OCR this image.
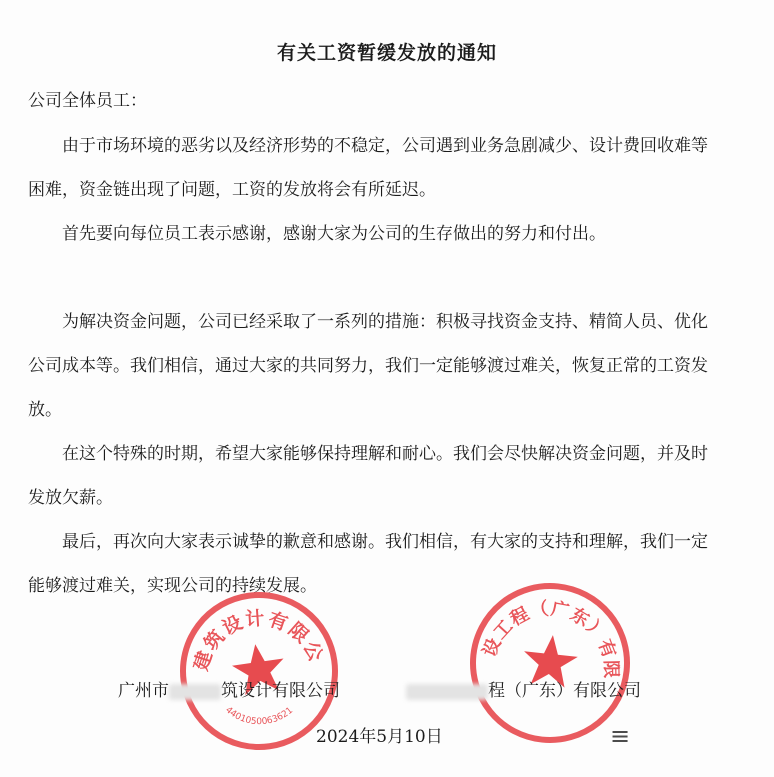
有关工资暂缓发放的通知
公司全体员工：

由于市场环境的恶劣以及经济形势的不稳定，公司遇到业务急剧减少、设计费回收难等困难，资金链出现了问题，工资的发放将会有所延迟。

首先要向每位员工表示感谢，感谢大家为公司的生存做出的努力和付出。

为解决资金问题，公司已经采取了一系列的措施：积极寻找资金支持、精简人员、优化公司成本等。我们相信，通过大家的共同努力，我们一定能够渡过难关，恢复正常的工资发放。

在这个特殊的时期，希望大家能够保持理解和耐心。我们会尽快解决资金问题，并及时发放欠薪。

最后，再次向大家表示诚挚的歉意和感谢。我们相信，有大家的支持和理解，我们一定能够渡过难关，实现公司的持续发展。

建筑设计有限公司
4401050063621
设工程（广东）有限公司
广州市	筑设计有限公司	程（广东）有限公司
2024年5月10日	≡
